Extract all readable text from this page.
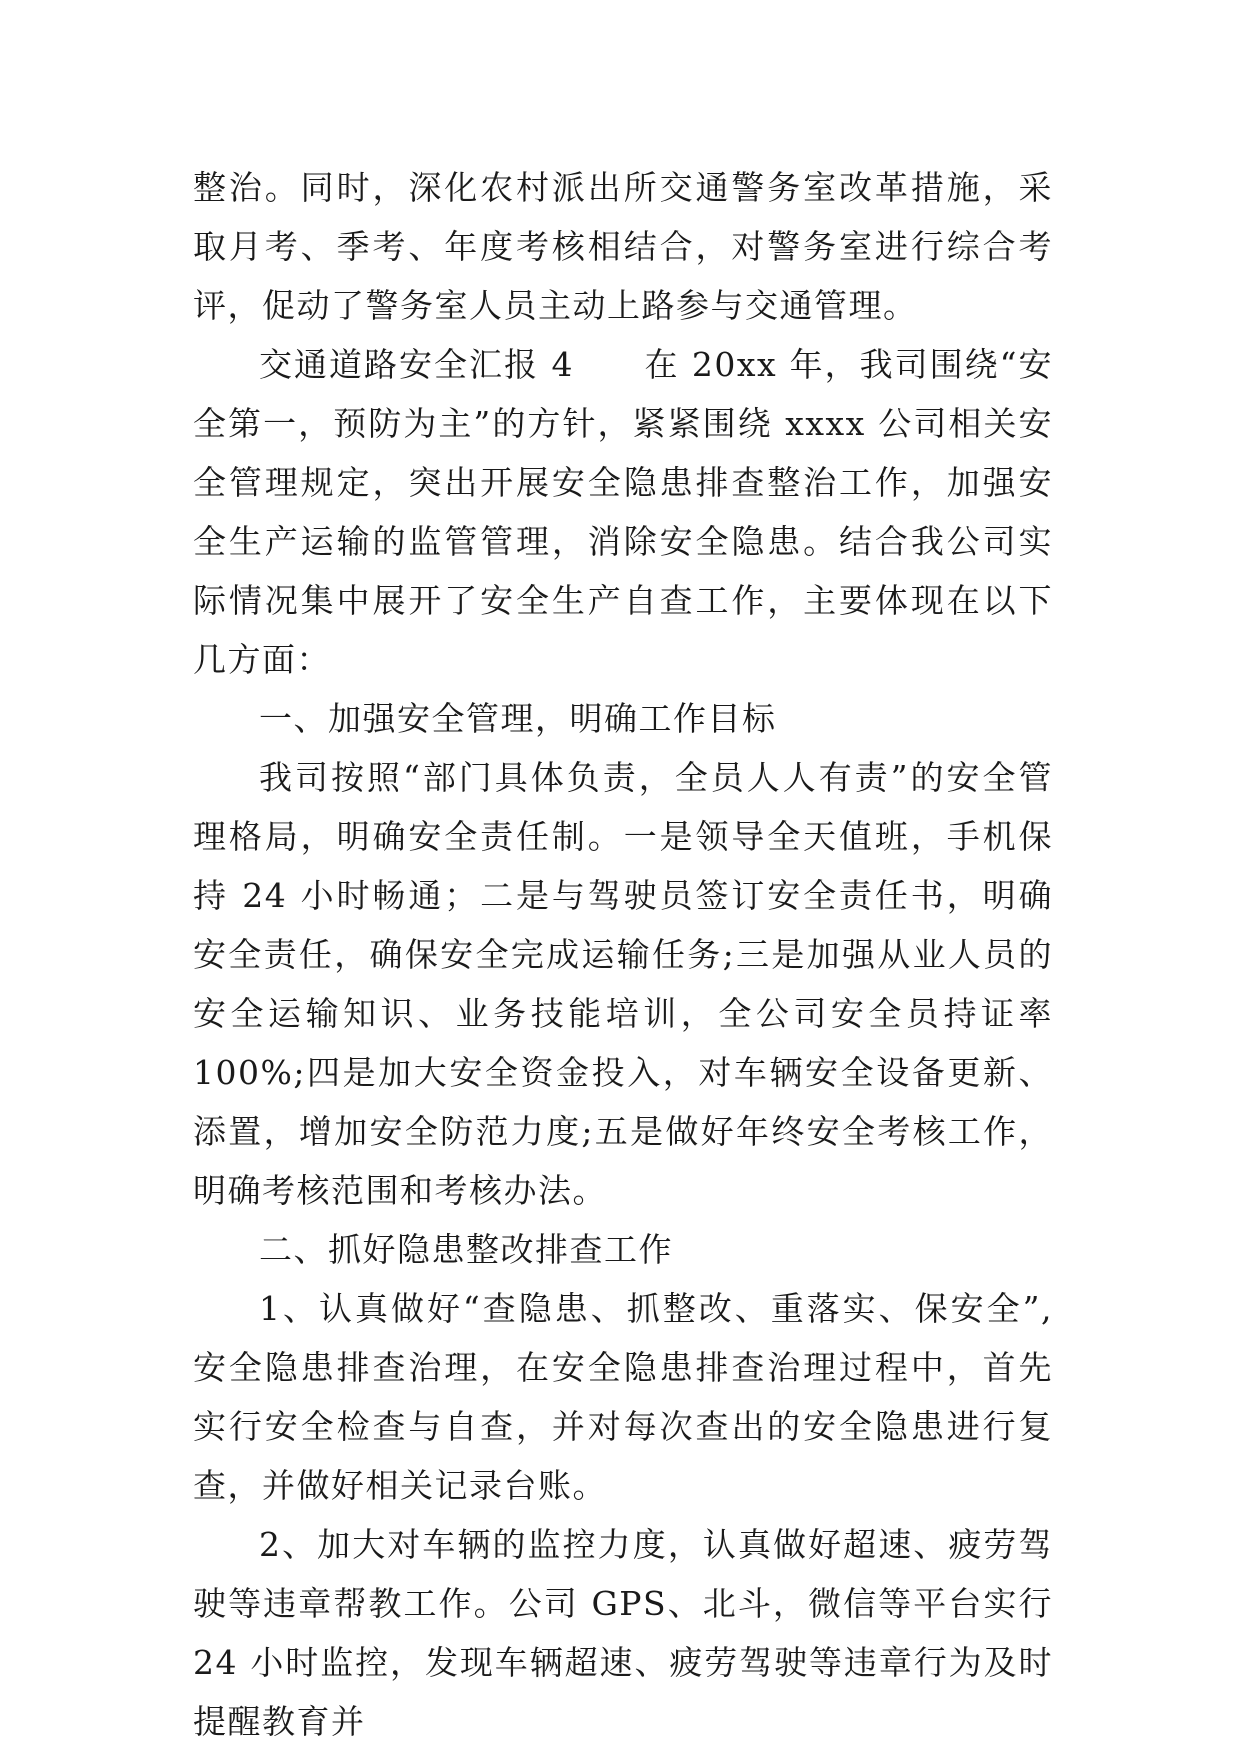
整治。同时，深化农村派出所交通警务室改革措施，采取月考、季考、年度考核相结合，对警务室进行综合考评，促动了警务室人员主动上路参与交通管理。

交通道路安全汇报 4　　在 20xx 年，我司围绕“安全第一，预防为主”的方针，紧紧围绕 xxxx 公司相关安全管理规定，突出开展安全隐患排查整治工作，加强安全生产运输的监管管理，消除安全隐患。结合我公司实际情况集中展开了安全生产自查工作，主要体现在以下几方面：

一、加强安全管理，明确工作目标

我司按照“部门具体负责，全员人人有责”的安全管理格局，明确安全责任制。一是领导全天值班，手机保持 24 小时畅通；二是与驾驶员签订安全责任书，明确安全责任，确保安全完成运输任务;三是加强从业人员的安全运输知识、业务技能培训，全公司安全员持证率 100%;四是加大安全资金投入，对车辆安全设备更新、添置，增加安全防范力度;五是做好年终安全考核工作，明确考核范围和考核办法。

二、抓好隐患整改排查工作

1、认真做好“查隐患、抓整改、重落实、保安全”,安全隐患排查治理，在安全隐患排查治理过程中，首先实行安全检查与自查，并对每次查出的安全隐患进行复查，并做好相关记录台账。

2、加大对车辆的监控力度，认真做好超速、疲劳驾驶等违章帮教工作。公司 GPS、北斗，微信等平台实行 24 小时监控，发现车辆超速、疲劳驾驶等违章行为及时提醒教育并
